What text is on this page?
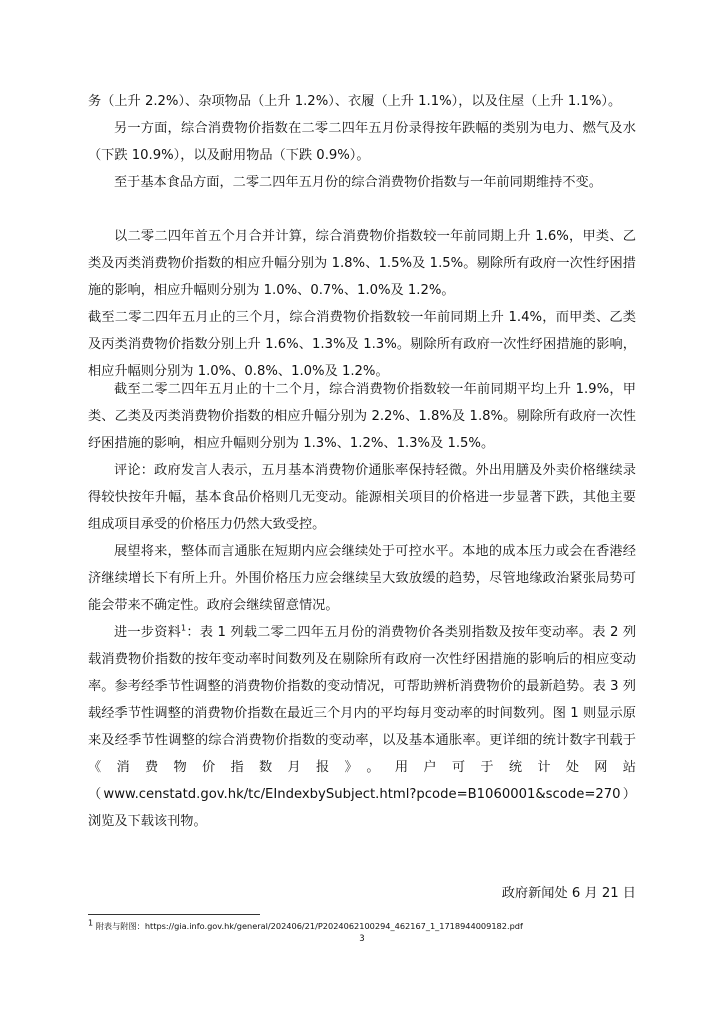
务（上升 2.2%）、杂项物品（上升 1.2%）、衣履（上升 1.1%），以及住屋（上升 1.1%）。

另一方面，综合消费物价指数在二零二四年五月份录得按年跌幅的类别为电力、燃气及水（下跌 10.9%），以及耐用物品（下跌 0.9%）。

至于基本食品方面，二零二四年五月份的综合消费物价指数与一年前同期维持不变。

以二零二四年首五个月合并计算，综合消费物价指数较一年前同期上升 1.6%，甲类、乙类及丙类消费物价指数的相应升幅分别为 1.8%、1.5%及 1.5%。剔除所有政府一次性纾困措施的影响，相应升幅则分别为 1.0%、0.7%、1.0%及 1.2%。

截至二零二四年五月止的三个月，综合消费物价指数较一年前同期上升 1.4%，而甲类、乙类及丙类消费物价指数分别上升 1.6%、1.3%及 1.3%。剔除所有政府一次性纾困措施的影响，相应升幅则分别为 1.0%、0.8%、1.0%及 1.2%。

截至二零二四年五月止的十二个月，综合消费物价指数较一年前同期平均上升 1.9%，甲类、乙类及丙类消费物价指数的相应升幅分别为 2.2%、1.8%及 1.8%。剔除所有政府一次性纾困措施的影响，相应升幅则分别为 1.3%、1.2%、1.3%及 1.5%。

评论：政府发言人表示，五月基本消费物价通胀率保持轻微。外出用膳及外卖价格继续录得较快按年升幅，基本食品价格则几无变动。能源相关项目的价格进一步显著下跌，其他主要组成项目承受的价格压力仍然大致受控。

展望将来，整体而言通胀在短期内应会继续处于可控水平。本地的成本压力或会在香港经济继续增长下有所上升。外围价格压力应会继续呈大致放缓的趋势，尽管地缘政治紧张局势可能会带来不确定性。政府会继续留意情况。

进一步资料$^1$：表 1 列载二零二四年五月份的消费物价各类别指数及按年变动率。表 2 列载消费物价指数的按年变动率时间数列及在剔除所有政府一次性纾困措施的影响后的相应变动率。参考经季节性调整的消费物价指数的变动情况，可帮助辨析消费物价的最新趋势。表 3 列载经季节性调整的消费物价指数在最近三个月内的平均每月变动率的时间数列。图 1 则显示原来及经季节性调整的综合消费物价指数的变动率，以及基本通胀率。更详细的统计数字刊载于《消费物价指数月报》。用户可于统计处网站（www.censtatd.gov.hk/tc/EIndexbySubject.html?pcode=B1060001&scode=270）浏览及下载该刊物。

政府新闻处 6 月 21 日
1 附表与附图：https://gia.info.gov.hk/general/202406/21/P2024062100294_462167_1_1718944009182.pdf
3
